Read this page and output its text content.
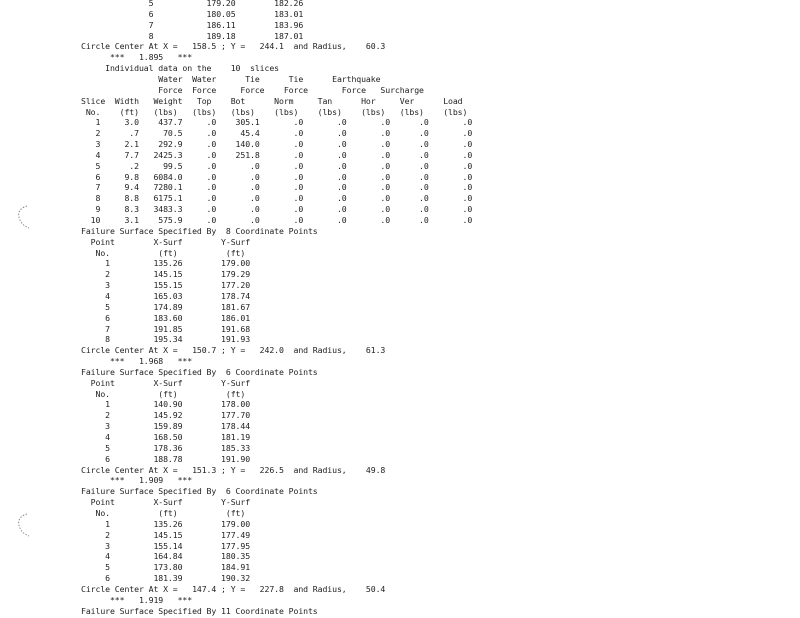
5           179.20        182.26
6           180.05        183.01
7           186.11        183.96
8           189.18        187.01
Circle Center At X =   158.5 ; Y =   244.1  and Radius,    60.3
***   1.895   ***
Individual data on the    10  slices
Water  Water      Tie      Tie      Earthquake
Force  Force     Force    Force       Force   Surcharge
Slice  Width   Weight   Top    Bot      Norm     Tan      Hor     Ver      Load
No.    (ft)   (lbs)   (lbs)   (lbs)    (lbs)    (lbs)    (lbs)   (lbs)    (lbs)
1     3.0    437.7     .0    305.1       .0       .0       .0      .0       .0
2      .7     70.5     .0     45.4       .0       .0       .0      .0       .0
3     2.1    292.9     .0    140.0       .0       .0       .0      .0       .0
4     7.7   2425.3     .0    251.8       .0       .0       .0      .0       .0
5      .2     99.5     .0       .0       .0       .0       .0      .0       .0
6     9.8   6084.0     .0       .0       .0       .0       .0      .0       .0
7     9.4   7280.1     .0       .0       .0       .0       .0      .0       .0
8     8.8   6175.1     .0       .0       .0       .0       .0      .0       .0
9     8.3   3483.3     .0       .0       .0       .0       .0      .0       .0
10     3.1    575.9     .0       .0       .0       .0       .0      .0       .0
Failure Surface Specified By  8 Coordinate Points
Point        X-Surf        Y-Surf
No.          (ft)          (ft)
1         135.26        179.00
2         145.15        179.29
3         155.15        177.20
4         165.03        178.74
5         174.89        181.67
6         183.60        186.01
7         191.85        191.68
8         195.34        191.93
Circle Center At X =   150.7 ; Y =   242.0  and Radius,    61.3
***   1.968   ***
Failure Surface Specified By  6 Coordinate Points
Point        X-Surf        Y-Surf
No.          (ft)          (ft)
1         140.90        178.00
2         145.92        177.70
3         159.89        178.44
4         168.50        181.19
5         178.36        185.33
6         188.78        191.90
Circle Center At X =   151.3 ; Y =   226.5  and Radius,    49.8
***   1.909   ***
Failure Surface Specified By  6 Coordinate Points
Point        X-Surf        Y-Surf
No.          (ft)          (ft)
1         135.26        179.00
2         145.15        177.49
3         155.14        177.95
4         164.84        180.35
5         173.80        184.91
6         181.39        190.32
Circle Center At X =   147.4 ; Y =   227.8  and Radius,    50.4
***   1.919   ***
Failure Surface Specified By 11 Coordinate Points
